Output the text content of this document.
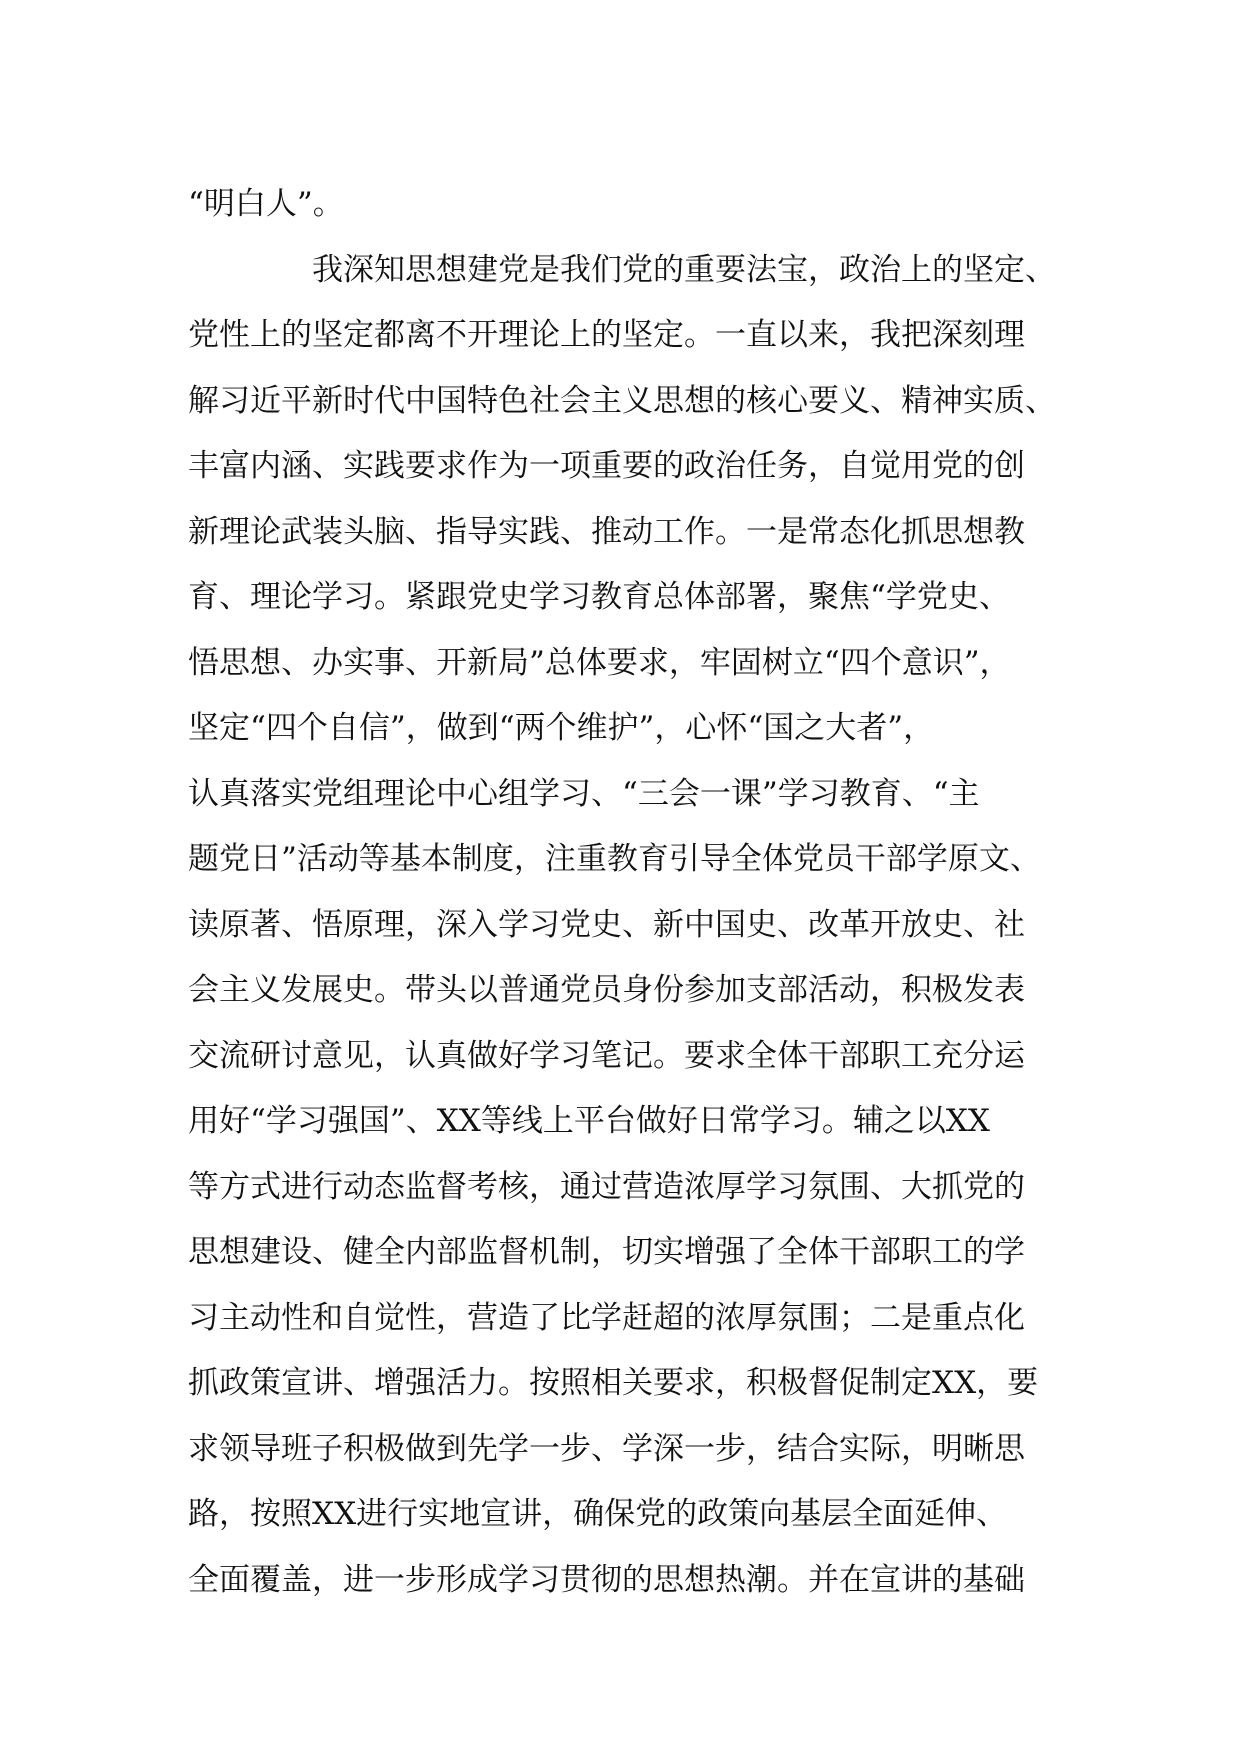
“明白人”。
我深知思想建党是我们党的重要法宝，政治上的坚定、
党性上的坚定都离不开理论上的坚定。一直以来，我把深刻理
解习近平新时代中国特色社会主义思想的核心要义、精神实质、
丰富内涵、实践要求作为一项重要的政治任务，自觉用党的创
新理论武装头脑、指导实践、推动工作。一是常态化抓思想教
育、理论学习。紧跟党史学习教育总体部署，聚焦“学党史、
悟思想、办实事、开新局”总体要求，牢固树立“四个意识”，
坚定“四个自信”，做到“两个维护”，心怀“国之大者”，
认真落实党组理论中心组学习、“三会一课”学习教育、“主
题党日”活动等基本制度，注重教育引导全体党员干部学原文、
读原著、悟原理，深入学习党史、新中国史、改革开放史、社
会主义发展史。带头以普通党员身份参加支部活动，积极发表
交流研讨意见，认真做好学习笔记。要求全体干部职工充分运
用好“学习强国”、XX等线上平台做好日常学习。辅之以XX
等方式进行动态监督考核，通过营造浓厚学习氛围、大抓党的
思想建设、健全内部监督机制，切实增强了全体干部职工的学
习主动性和自觉性，营造了比学赶超的浓厚氛围；二是重点化
抓政策宣讲、增强活力。按照相关要求，积极督促制定XX，要
求领导班子积极做到先学一步、学深一步，结合实际，明晰思
路，按照XX进行实地宣讲，确保党的政策向基层全面延伸、
全面覆盖，进一步形成学习贯彻的思想热潮。并在宣讲的基础
